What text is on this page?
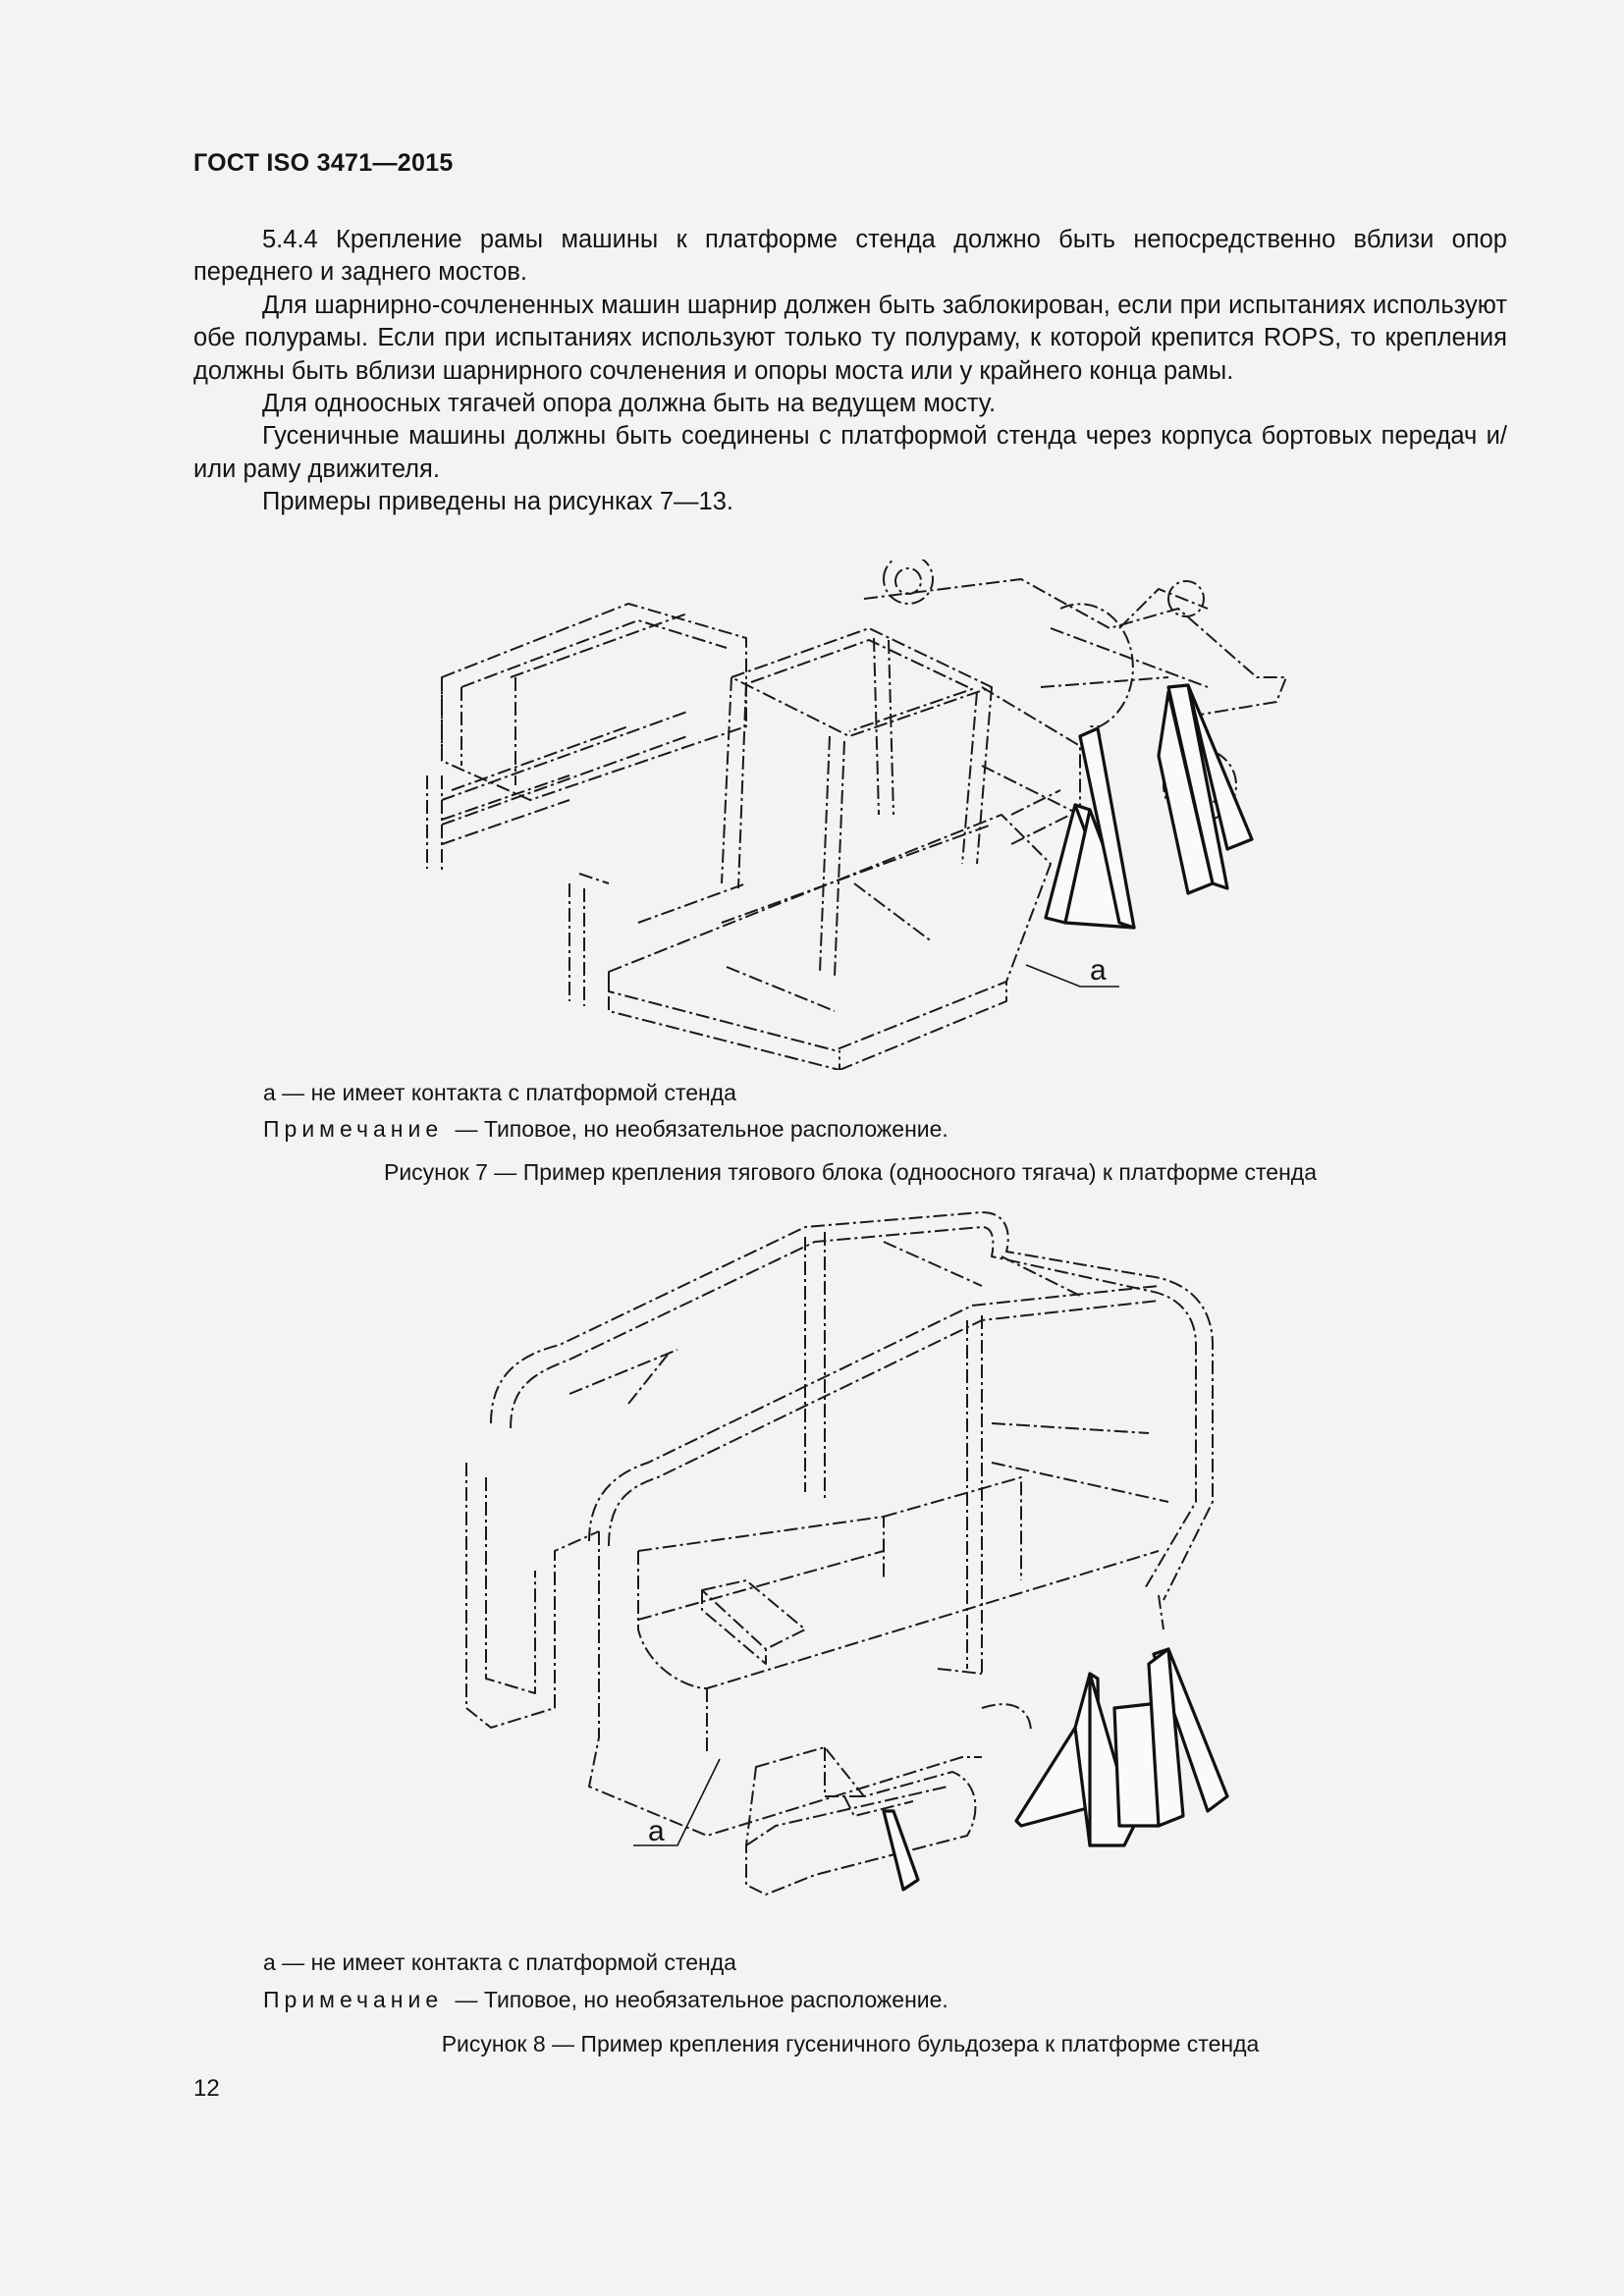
ГОСТ ISO 3471—2015

5.4.4 Крепление рамы машины к платформе стенда должно быть непосредственно вблизи опор переднего и заднего мостов.

Для шарнирно-сочлененных машин шарнир должен быть заблокирован, если при испытаниях используют обе полурамы. Если при испытаниях используют только ту полураму, к которой крепится ROPS, то крепления должны быть вблизи шарнирного сочленения и опоры моста или у крайнего конца рамы.

Для одноосных тягачей опора должна быть на ведущем мосту.

Гусеничные машины должны быть соединены с платформой стенда через корпуса бортовых передач и/или раму движителя.

Примеры приведены на рисунках 7—13.

a
a — не имеет контакта с платформой стенда
Примечание — Типовое, но необязательное расположение.
Рисунок 7 — Пример крепления тягового блока (одноосного тягача) к платформе стенда
a
a — не имеет контакта с платформой стенда
Примечание — Типовое, но необязательное расположение.
Рисунок 8 — Пример крепления гусеничного бульдозера к платформе стенда
12
